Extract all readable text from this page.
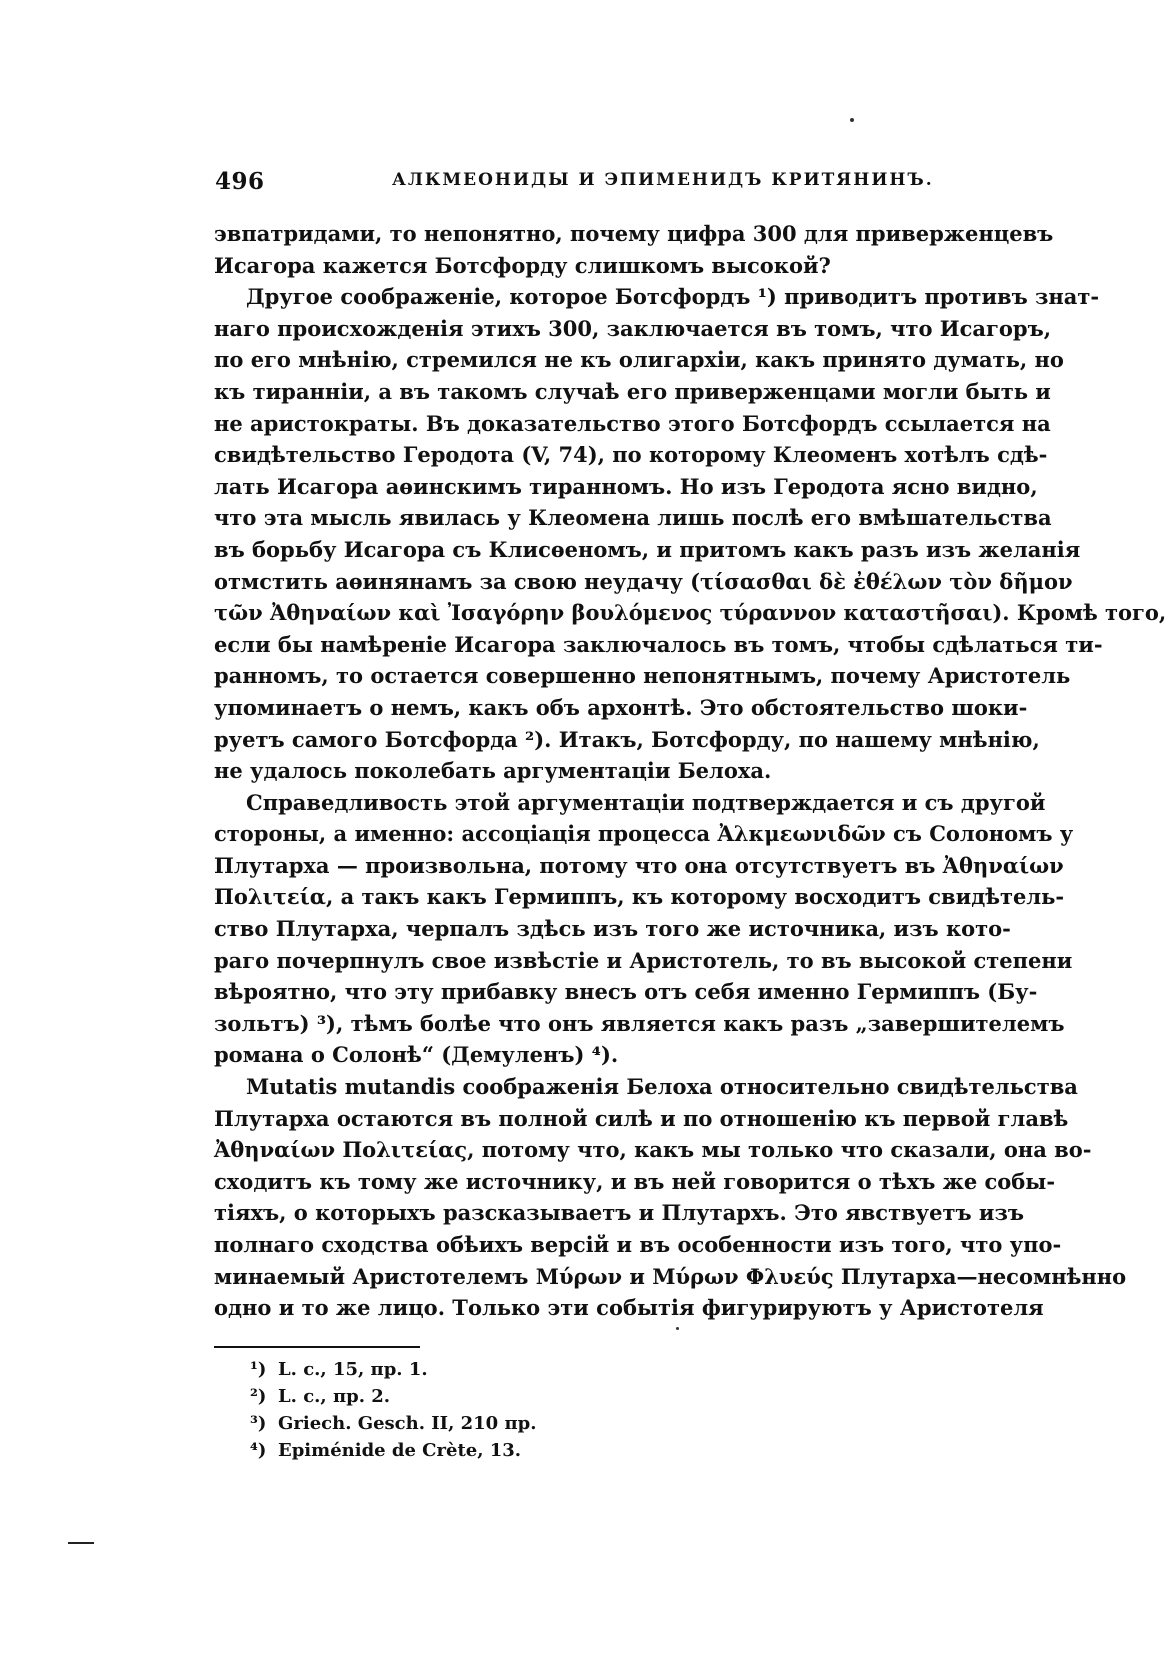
496	АЛКМЕОНИДЫ И ЭПИМЕНИДЪ КРИТЯНИНЪ.
эвпатридами, то непонятно, почему цифра 300 для приверженцевъ
Исагора кажется Ботсфорду слишкомъ высокой?
Другое соображеніе, которое Ботсфордъ ¹) приводитъ противъ знат-
наго происхожденія этихъ 300, заключается въ томъ, что Исагоръ,
по его мнѣнію, стремился не къ олигархіи, какъ принято думать, но
къ тиранніи, а въ такомъ случаѣ его приверженцами могли быть и
не аристократы. Въ доказательство этого Ботсфордъ ссылается на
свидѣтельство Геродота (V, 74), по которому Клеоменъ хотѣлъ сдѣ-
лать Исагора аѳинскимъ тиранномъ. Но изъ Геродота ясно видно,
что эта мысль явилась у Клеомена лишь послѣ его вмѣшательства
въ борьбу Исагора съ Клисѳеномъ, и притомъ какъ разъ изъ желанія
отмстить аѳинянамъ за свою неудачу (τίσασθαι δὲ ἐθέλων τὸν δῆμον
τῶν Ἀθηναίων καὶ Ἰσαγόρην βουλόμενος τύραννον καταστῆσαι). Кромѣ того,
если бы намѣреніе Исагора заключалось въ томъ, чтобы сдѣлаться ти-
ранномъ, то остается совершенно непонятнымъ, почему Аристотель
упоминаетъ о немъ, какъ объ архонтѣ. Это обстоятельство шоки-
руетъ самого Ботсфорда ²). Итакъ, Ботсфорду, по нашему мнѣнію,
не удалось поколебать аргументаціи Белоха.
Справедливость этой аргументаціи подтверждается и съ другой
стороны, а именно: ассоціація процесса Ἀλκμεωνιδῶν съ Солономъ у
Плутарха — произвольна, потому что она отсутствуетъ въ Ἀθηναίων
Πολιτεία, а такъ какъ Гермиппъ, къ которому восходитъ свидѣтель-
ство Плутарха, черпалъ здѣсь изъ того же источника, изъ кото-
раго почерпнулъ свое извѣстіе и Аристотель, то въ высокой степени
вѣроятно, что эту прибавку внесъ отъ себя именно Гермиппъ (Бу-
зольтъ) ³), тѣмъ болѣе что онъ является какъ разъ „завершителемъ
романа о Солонѣ“ (Демуленъ) ⁴).
Mutatis mutandis соображенія Белоха относительно свидѣтельства
Плутарха остаются въ полной силѣ и по отношенію къ первой главѣ
Ἀθηναίων Πολιτείας, потому что, какъ мы только что сказали, она во-
сходитъ къ тому же источнику, и въ ней говорится о тѣхъ же собы-
тіяхъ, о которыхъ разсказываетъ и Плутархъ. Это явствуетъ изъ
полнаго сходства обѣихъ версій и въ особенности изъ того, что упо-
минаемый Аристотелемъ Μύρων и Μύρων Φλυεύς Плутарха—несомнѣнно
одно и то же лицо. Только эти событія фигурируютъ у Аристотеля
¹) L. c., 15, пр. 1.
²) L. c., пр. 2.
³) Griech. Gesch. II, 210 пр.
⁴) Epiménide de Crète, 13.
